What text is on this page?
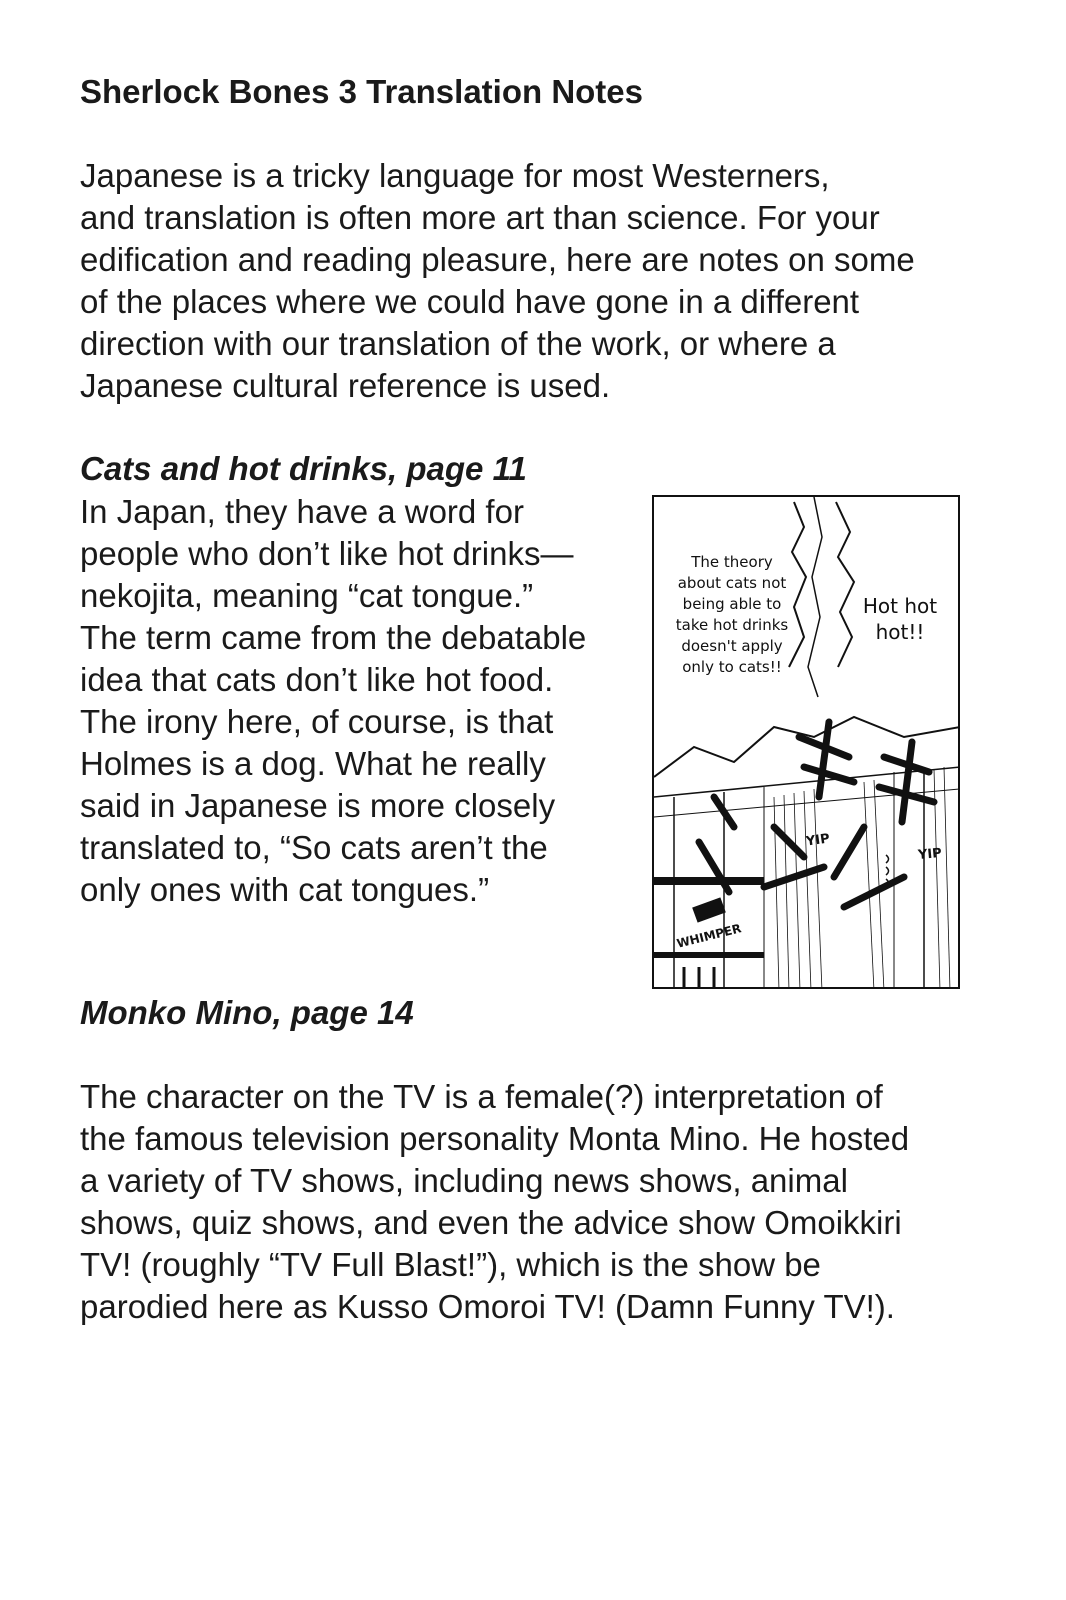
Sherlock Bones 3 Translation Notes

Japanese is a tricky language for most Westerners,
and translation is often more art than science. For your
edification and reading pleasure, here are notes on some
of the places where we could have gone in a different
direction with our translation of the work, or where a
Japanese cultural reference is used.

Cats and hot drinks, page 11

In Japan, they have a word for
people who don’t like hot drinks—
nekojita, meaning “cat tongue.”
The term came from the debatable
idea that cats don’t like hot food.
The irony here, of course, is that
Holmes is a dog. What he really
said in Japanese is more closely
translated to, “So cats aren’t the
only ones with cat tongues.”

The theory
about cats not
being able to
take hot drinks
doesn't apply
only to cats!!
Hot hot
hot!!
YIP
YIP
WHIMPER
Monko Mino, page 14

The character on the TV is a female(?) interpretation of
the famous television personality Monta Mino. He hosted
a variety of TV shows, including news shows, animal
shows, quiz shows, and even the advice show Omoikkiri
TV! (roughly “TV Full Blast!”), which is the show be
parodied here as Kusso Omoroi TV! (Damn Funny TV!).
